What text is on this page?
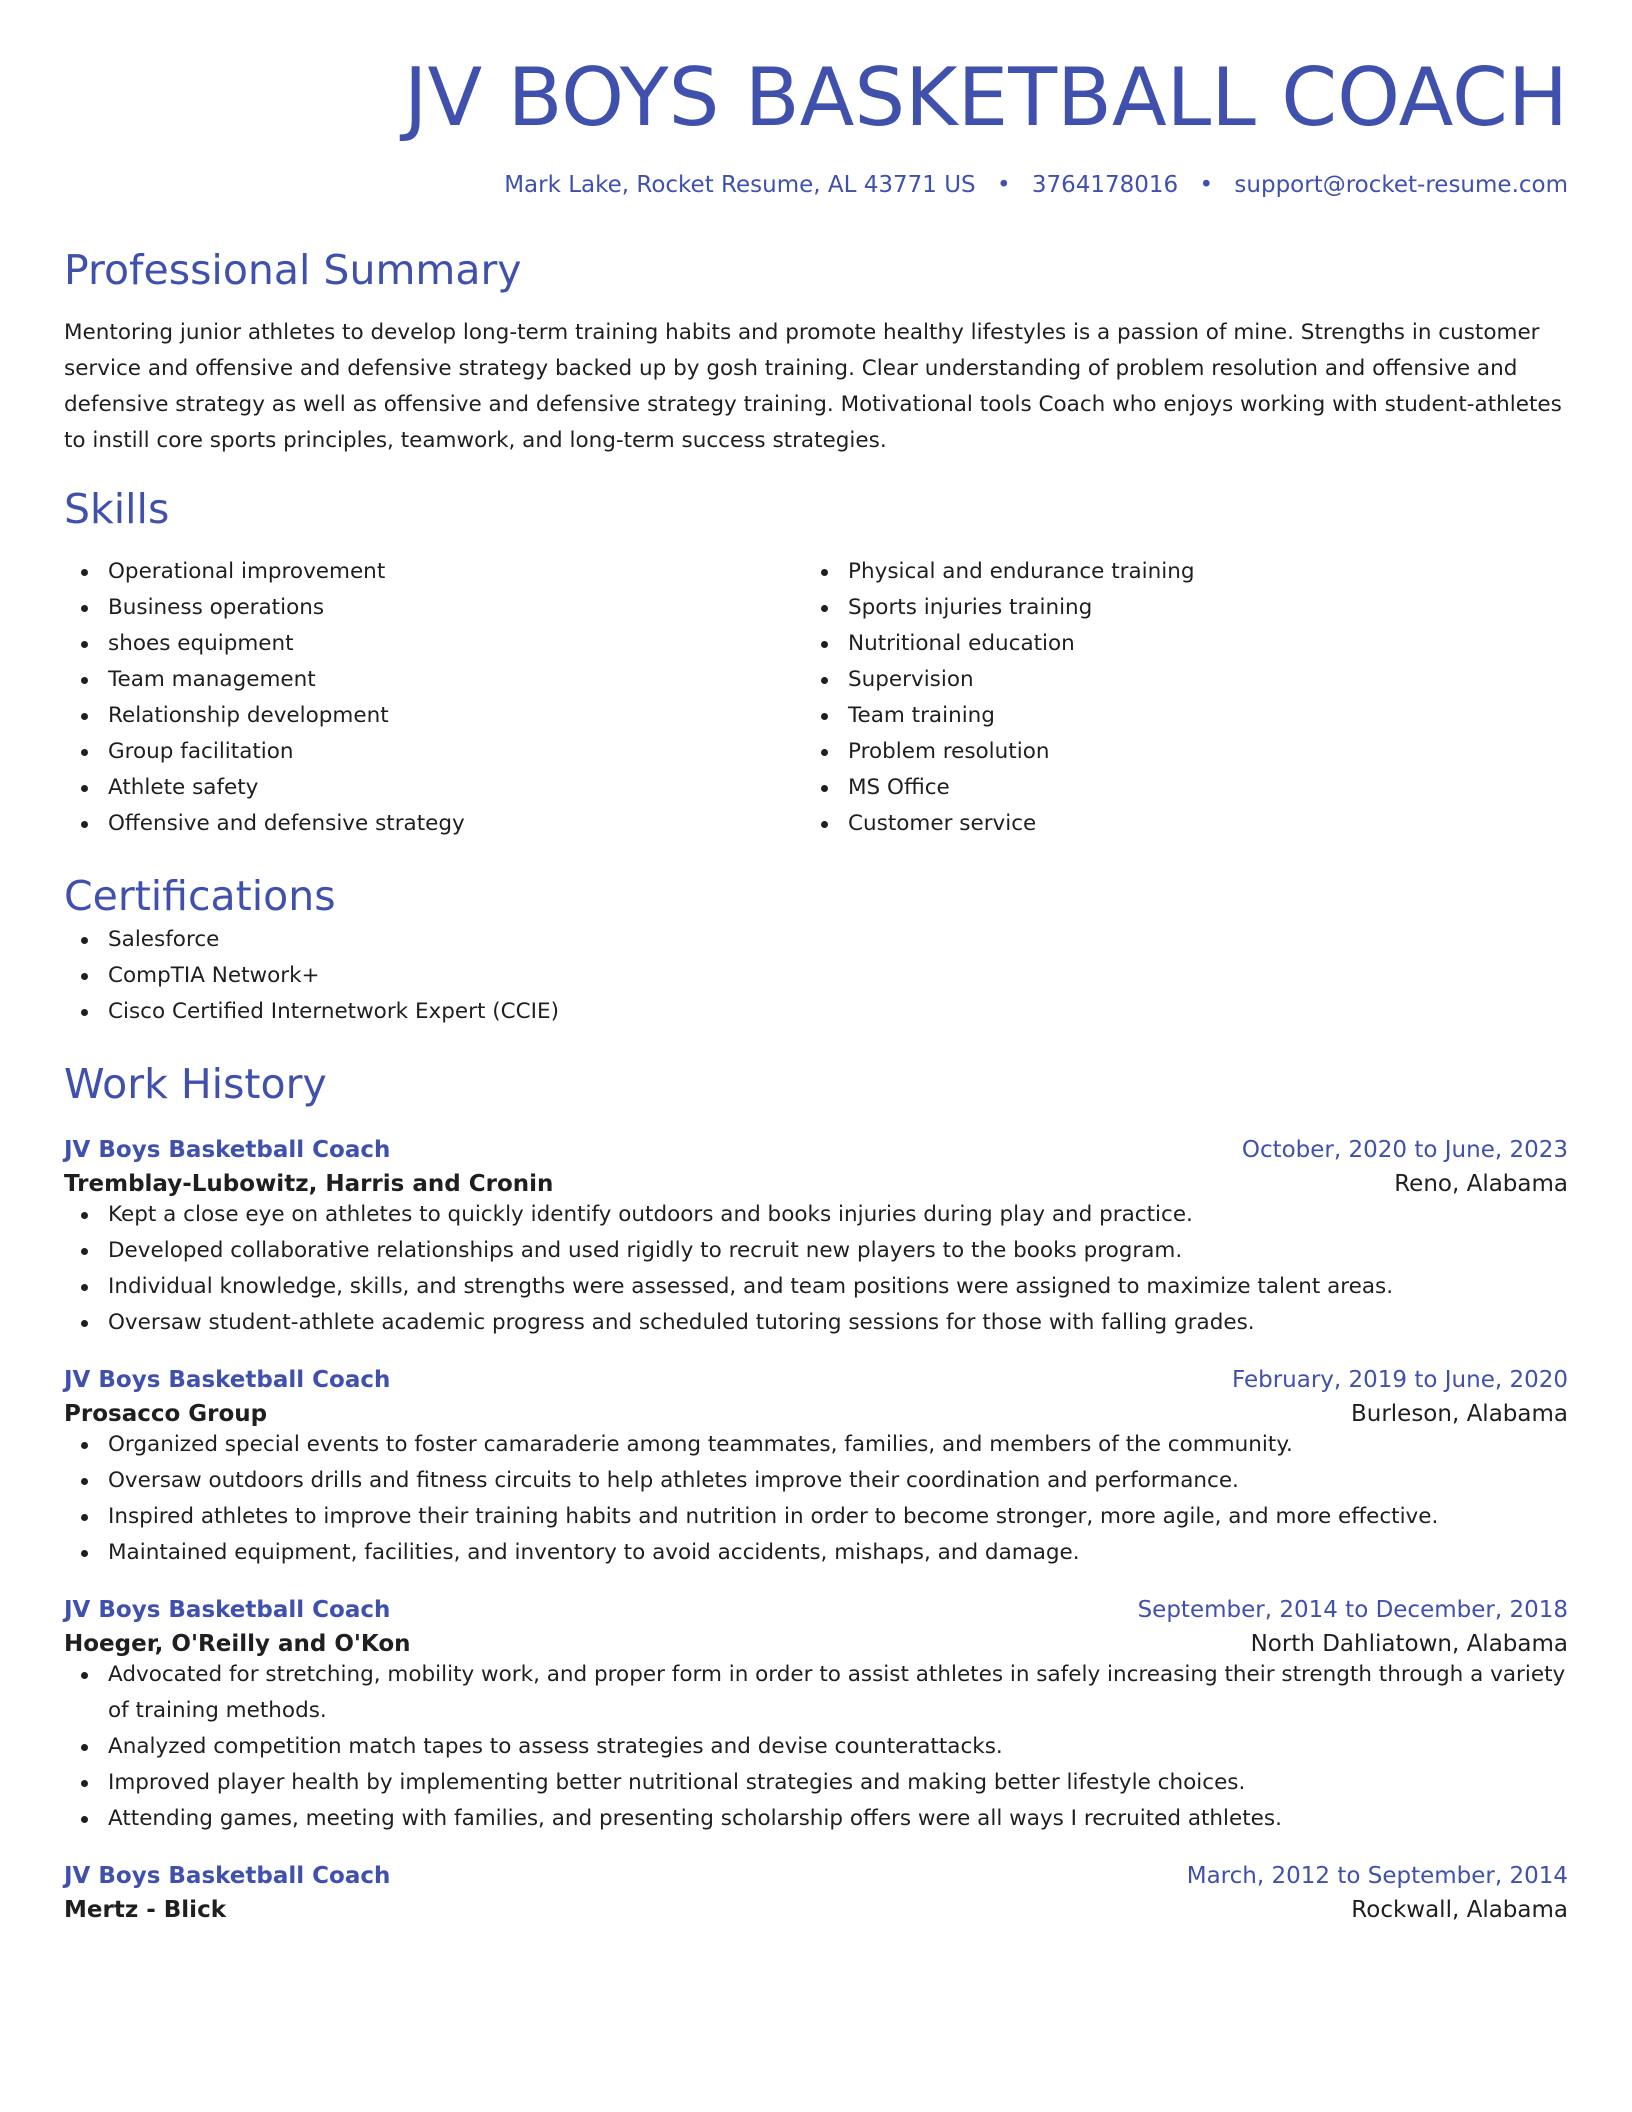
JV BOYS BASKETBALL COACH
Mark Lake, Rocket Resume, AL 43771 US • 3764178016 • support@rocket-resume.com
Professional Summary

Mentoring junior athletes to develop long-term training habits and promote healthy lifestyles is a passion of mine. Strengths in customer service and offensive and defensive strategy backed up by gosh training. Clear understanding of problem resolution and offensive and defensive strategy as well as offensive and defensive strategy training. Motivational tools Coach who enjoys working with student-athletes to instill core sports principles, teamwork, and long-term success strategies.

Skills
Operational improvement
Business operations
shoes equipment
Team management
Relationship development
Group facilitation
Athlete safety
Offensive and defensive strategy
Physical and endurance training
Sports injuries training
Nutritional education
Supervision
Team training
Problem resolution
MS Office
Customer service
Certifications
Salesforce
CompTIA Network+
Cisco Certified Internetwork Expert (CCIE)
Work History
JV Boys Basketball Coach	October, 2020 to June, 2023
Tremblay-Lubowitz, Harris and Cronin	Reno, Alabama
Kept a close eye on athletes to quickly identify outdoors and books injuries during play and practice.
Developed collaborative relationships and used rigidly to recruit new players to the books program.
Individual knowledge, skills, and strengths were assessed, and team positions were assigned to maximize talent areas.
Oversaw student-athlete academic progress and scheduled tutoring sessions for those with falling grades.
JV Boys Basketball Coach	February, 2019 to June, 2020
Prosacco Group	Burleson, Alabama
Organized special events to foster camaraderie among teammates, families, and members of the community.
Oversaw outdoors drills and fitness circuits to help athletes improve their coordination and performance.
Inspired athletes to improve their training habits and nutrition in order to become stronger, more agile, and more effective.
Maintained equipment, facilities, and inventory to avoid accidents, mishaps, and damage.
JV Boys Basketball Coach	September, 2014 to December, 2018
Hoeger, O'Reilly and O'Kon	North Dahliatown, Alabama
Advocated for stretching, mobility work, and proper form in order to assist athletes in safely increasing their strength through a variety of training methods.
Analyzed competition match tapes to assess strategies and devise counterattacks.
Improved player health by implementing better nutritional strategies and making better lifestyle choices.
Attending games, meeting with families, and presenting scholarship offers were all ways I recruited athletes.
JV Boys Basketball Coach	March, 2012 to September, 2014
Mertz - Blick	Rockwall, Alabama
